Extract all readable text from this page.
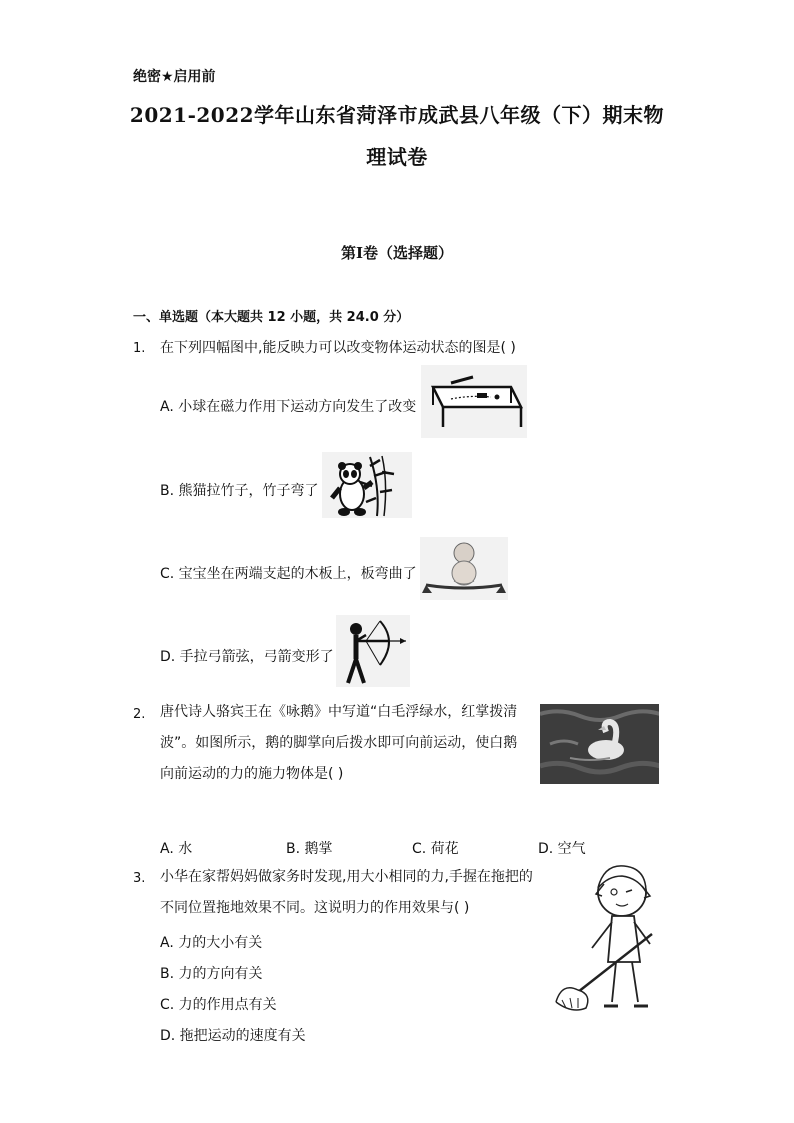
绝密★启用前
2021-2022学年山东省菏泽市成武县八年级（下）期末物
理试卷
第Ⅰ卷（选择题）
一、单选题（本大题共 12 小题，共 24.0 分）
1. 在下列四幅图中,能反映力可以改变物体运动状态的图是( )
A. 小球在磁力作用下运动方向发生了改变
B. 熊猫拉竹子，竹子弯了
C. 宝宝坐在两端支起的木板上，板弯曲了
D. 手拉弓箭弦，弓箭变形了
2. 唐代诗人骆宾王在《咏鹅》中写道“白毛浮绿水，红掌拨清
波”。如图所示，鹅的脚掌向后拨水即可向前运动，使白鹅
向前运动的力的施力物体是( )
A. 水	B. 鹅掌	C. 荷花	D. 空气
3. 小华在家帮妈妈做家务时发现,用大小相同的力,手握在拖把的
不同位置拖地效果不同。这说明力的作用效果与( )
A. 力的大小有关
B. 力的方向有关
C. 力的作用点有关
D. 拖把运动的速度有关
